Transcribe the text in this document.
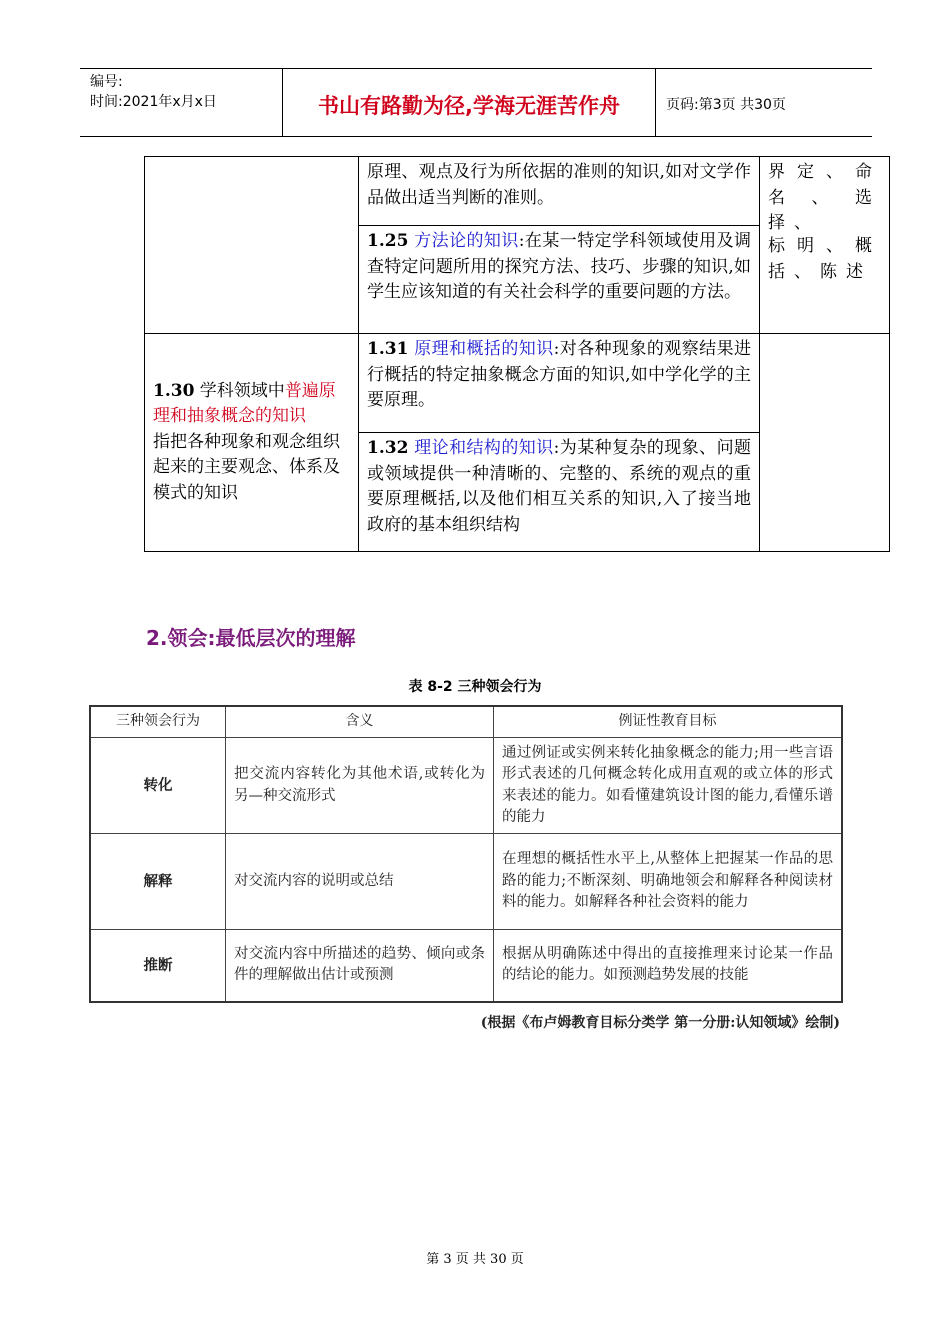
编号:
时间:2021年x月x日	书山有路勤为径,学海无涯苦作舟	页码:第3页 共30页
	原理、观点及行为所依据的准则的知识,如对文学作品做出适当判断的准则。	界定、命名、选择、
标明、概括、陈述

	1.25 方法论的知识:在某一特定学科领域使用及调查特定问题所用的探究方法、技巧、步骤的知识,如学生应该知道的有关社会科学的重要问题的方法。	
1.30 学科领域中普遍原理和抽象概念的知识
指把各种现象和观念组织起来的主要观念、体系及模式的知识	1.31 原理和概括的知识:对各种现象的观察结果进行概括的特定抽象概念方面的知识,如中学化学的主要原理。	
	1.32 理论和结构的知识:为某种复杂的现象、问题或领域提供一种清晰的、完整的、系统的观点的重要原理概括,以及他们相互关系的知识,入了接当地政府的基本组织结构	
2.领会:最低层次的理解
表 8-2 三种领会行为
三种领会行为	含义	例证性教育目标
转化	把交流内容转化为其他术语,或转化为另—种交流形式	通过例证或实例来转化抽象概念的能力;用一些言语形式表述的几何概念转化成用直观的或立体的形式来表述的能力。如看懂建筑设计图的能力,看懂乐谱的能力
解释	对交流内容的说明或总结	在理想的概括性水平上,从整体上把握某一作品的思路的能力;不断深刻、明确地领会和解释各种阅读材料的能力。如解释各种社会资料的能力
推断	对交流内容中所描述的趋势、倾向或条件的理解做出估计或预测	根据从明确陈述中得出的直接推理来讨论某一作品的结论的能力。如预测趋势发展的技能
(根据《布卢姆教育目标分类学 第一分册:认知领域》绘制)
第 3 页 共 30 页
